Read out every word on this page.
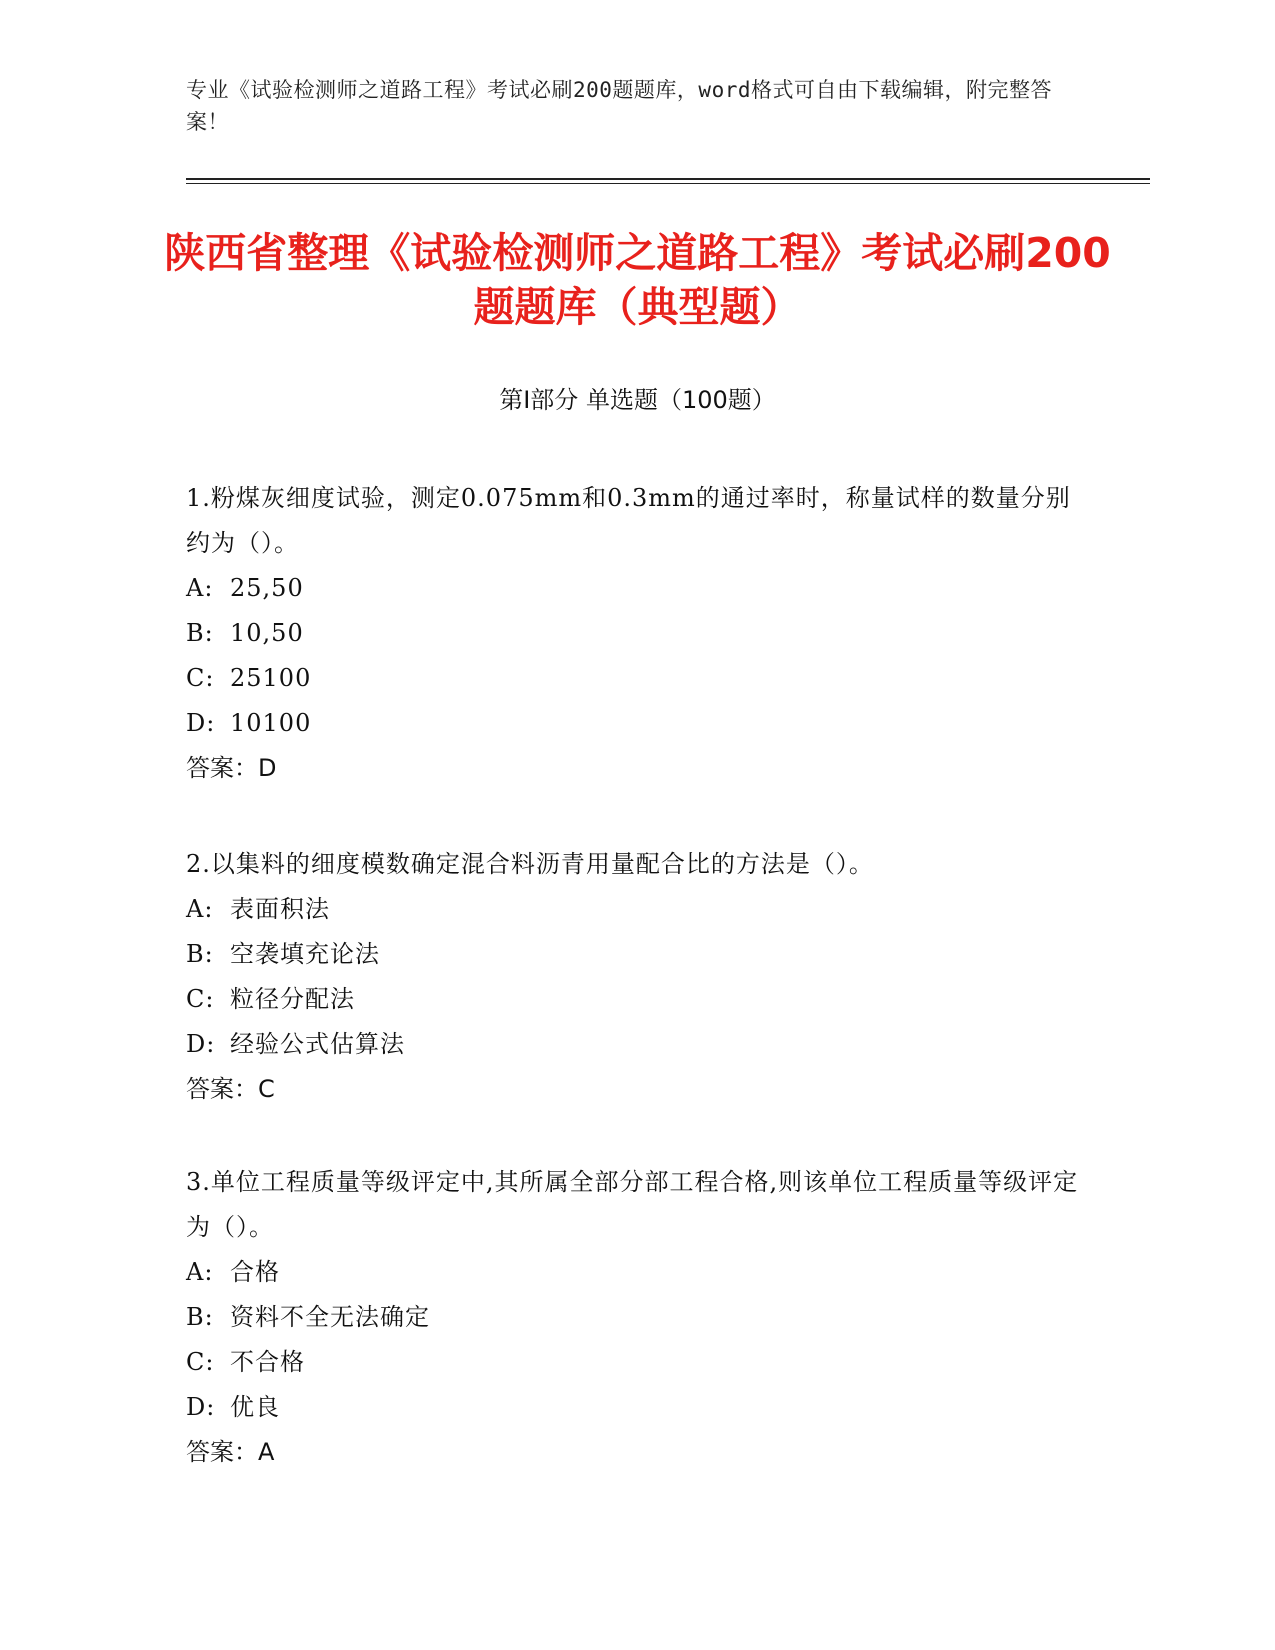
专业《试验检测师之道路工程》考试必刷200题题库，word格式可自由下载编辑，附完整答案！
陕西省整理《试验检测师之道路工程》考试必刷200题题库（典型题）
第I部分 单选题（100题）
1.粉煤灰细度试验，测定0.075mm和0.3mm的通过率时，称量试样的数量分别约为（）。
A: 25,50
B: 10,50
C: 25100
D: 10100
答案：D
2.以集料的细度模数确定混合料沥青用量配合比的方法是（）。
A: 表面积法
B: 空袭填充论法
C: 粒径分配法
D: 经验公式估算法
答案：C
3.单位工程质量等级评定中,其所属全部分部工程合格,则该单位工程质量等级评定为（）。
A: 合格
B: 资料不全无法确定
C: 不合格
D: 优良
答案：A
